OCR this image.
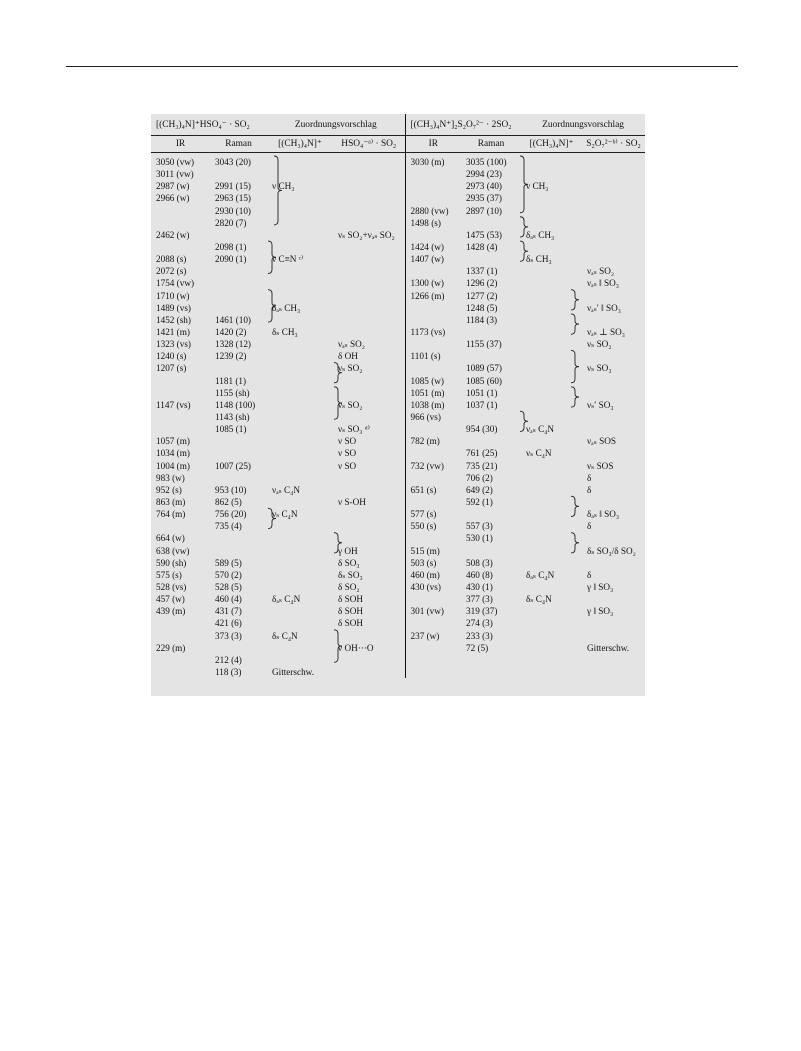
[(CH₃)₄N]⁺HSO₄⁻ · SO₂		Zuordnungsvorschlag		[(CH₃)₄N⁺]₂S₂O₇²⁻ · 2SO₂		Zuordnungsvorschlag	
IR	Raman	[(CH₃)₄N]⁺	HSO₄⁻ᵃ⁾ · SO₂	IR	Raman	[(CH₃)₄N]⁺	S₂O₇²⁻ᵇ⁾ · SO₂
3050 (vw)	3043 (20)			3030 (m)	3035 (100)		
3011 (vw)					2994 (23)		
2987 (w)	2991 (15)	ν CH₃			2973 (40)	ν CH₃	
2966 (w)	2963 (15)				2935 (37)		
	2930 (10)			2880 (vw)	2897 (10)		
	2820 (7)			1498 (s)			
2462 (w)			νₛ SO₂+νₐₛ SO₂		1475 (53)	δₐₛ CH₃	
	2098 (1)			1424 (w)	1428 (4)		
2088 (s)	2090 (1)	ν C≡N ᶜ⁾		1407 (w)		δₛ CH₃	
2072 (s)					1337 (1)		νₐₛ SO₂
1754 (vw)				1300 (w)	1296 (2)		νₐₛ ‖ SO₃
1710 (w)				1266 (m)	1277 (2)		
1489 (vs)		δₐₛ CH₃			1248 (5)		νₐₛ′ ‖ SO₃
1452 (sh)	1461 (10)				1184 (3)		
1421 (m)	1420 (2)	δₛ CH₃		1173 (vs)			νₐₛ ⊥ SO₃
1323 (vs)	1328 (12)		νₐₛ SO₂		1155 (37)		νₛ SO₂
1240 (s)	1239 (2)		δ OH	1101 (s)			
1207 (s)			νₛ SO₂		1089 (57)		νₛ SO₃
	1181 (1)			1085 (w)	1085 (60)		
	1155 (sh)			1051 (m)	1051 (1)		
1147 (vs)	1148 (100)		νₛ SO₂	1038 (m)	1037 (1)		νₛ′ SO₃
	1143 (sh)			966 (vs)			
	1085 (1)		νₛ SO₃ ᵈ⁾		954 (30)	νₐₛ C₄N	
1057 (m)			ν SO	782 (m)			νₐₛ SOS
1034 (m)			ν SO		761 (25)	νₛ C₄N	
1004 (m)	1007 (25)		ν SO	732 (vw)	735 (21)		νₛ SOS
983 (w)					706 (2)		δ
952 (s)	953 (10)	νₐₛ C₄N		651 (s)	649 (2)		δ
863 (m)	862 (5)		ν S-OH		592 (1)		
764 (m)	756 (20)	νₛ C₄N		577 (s)			δₐₛ ‖ SO₃
	735 (4)			550 (s)	557 (3)		δ
664 (w)					530 (1)		
638 (vw)			γ OH	515 (m)			δₛ SO₃/δ SO₂
590 (sh)	589 (5)		δ SO₃	503 (s)	508 (3)		
575 (s)	570 (2)		δₛ SO₃	460 (m)	460 (8)	δₐₛ C₄N	δ
528 (vs)	528 (5)		δ SO₂	430 (vs)	430 (1)		γ ‖ SO₃
457 (w)	460 (4)	δₐₛ C₄N	δ SOH		377 (3)	δₛ C₄N	
439 (m)	431 (7)		δ SOH	301 (vw)	319 (37)		γ ‖ SO₃
	421 (6)		δ SOH		274 (3)		
	373 (3)	δₛ C₄N		237 (w)	233 (3)		
229 (m)			ν OH···O		72 (5)		Gitterschw.
	212 (4)						
	118 (3)	Gitterschw.					
